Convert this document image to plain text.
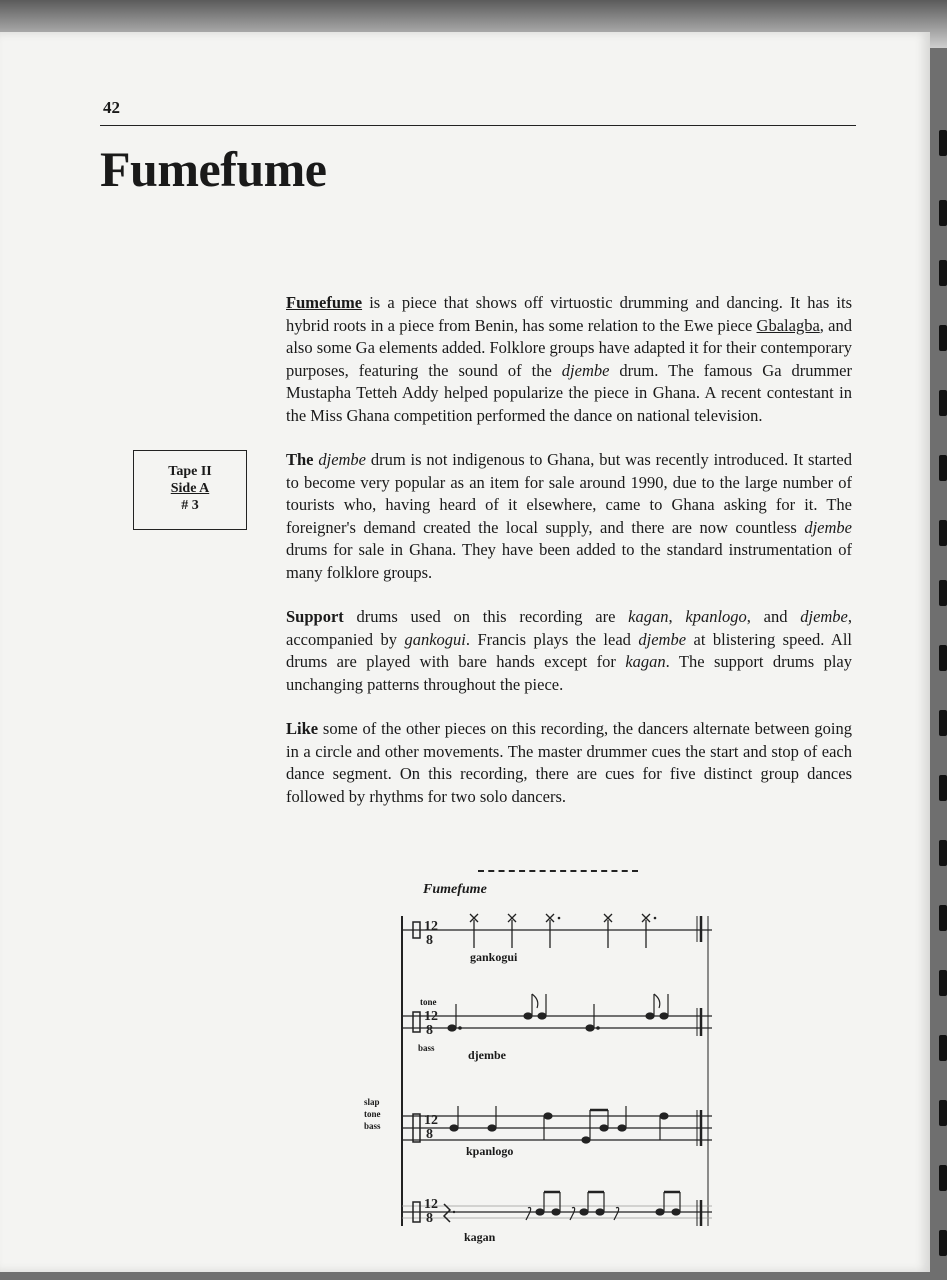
42
Fumefume
Tape II
Side A
# 3

Fumefume is a piece that shows off virtuostic drumming and dancing. It has its hybrid roots in a piece from Benin, has some relation to the Ewe piece Gbalagba, and also some Ga elements added. Folklore groups have adapted it for their contemporary purposes, featuring the sound of the djembe drum. The famous Ga drummer Mustapha Tetteh Addy helped popularize the piece in Ghana. A recent contestant in the Miss Ghana competition performed the dance on national television.

The djembe drum is not indigenous to Ghana, but was recently introduced. It started to become very popular as an item for sale around 1990, due to the large number of tourists who, having heard of it elsewhere, came to Ghana asking for it. The foreigner's demand created the local supply, and there are now countless djembe drums for sale in Ghana. They have been added to the standard instrumentation of many folklore groups.

Support drums used on this recording are kagan, kpanlogo, and djembe, accompanied by gankogui. Francis plays the lead djembe at blistering speed. All drums are played with bare hands except for kagan. The support drums play unchanging patterns throughout the piece.

Like some of the other pieces on this recording, the dancers alternate between going in a circle and other movements. The master drummer cues the start and stop of each dance segment. On this recording, there are cues for five distinct group dances followed by rhythms for two solo dancers.

Fumefume
12
8
12
8
12
8
12
8
gankogui
tone
bass	djembe
slap
tone
bass
kpanlogo
kagan
